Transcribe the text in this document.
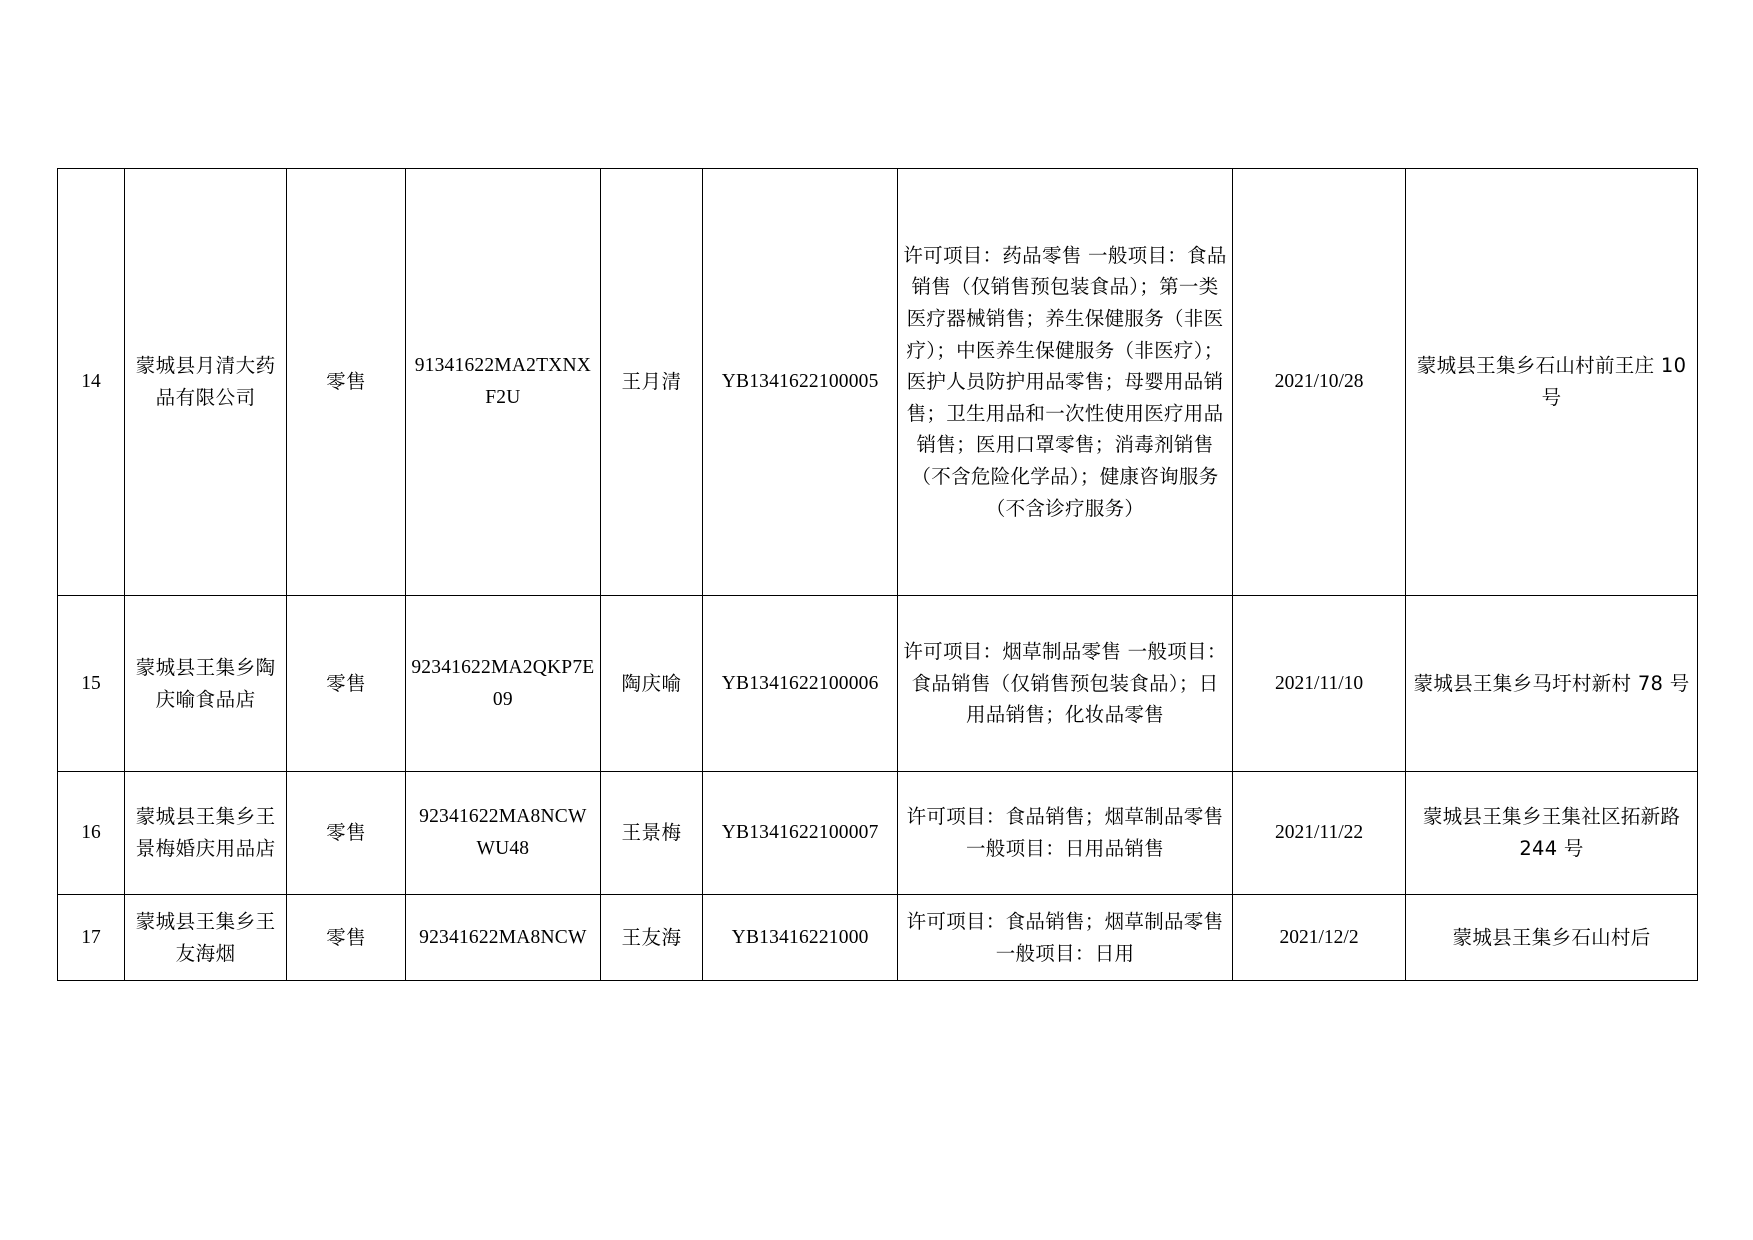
14	蒙城县月清大药品有限公司	零售	91341622MA2TXNXF2U	王月清	YB1341622100005	许可项目：药品零售 一般项目：食品销售（仅销售预包装食品）；第一类医疗器械销售；养生保健服务（非医疗）；中医养生保健服务（非医疗）；医护人员防护用品零售；母婴用品销售；卫生用品和一次性使用医疗用品销售；医用口罩零售；消毒剂销售（不含危险化学品）；健康咨询服务（不含诊疗服务）	2021/10/28	蒙城县王集乡石山村前王庄 10 号
15	蒙城县王集乡陶庆喻食品店	零售	92341622MA2QKP7E09	陶庆喻	YB1341622100006	许可项目：烟草制品零售 一般项目：食品销售（仅销售预包装食品）；日用品销售；化妆品零售	2021/11/10	蒙城县王集乡马圩村新村 78 号
16	蒙城县王集乡王景梅婚庆用品店	零售	92341622MA8NCWWU48	王景梅	YB1341622100007	许可项目：食品销售；烟草制品零售 一般项目：日用品销售	2021/11/22	蒙城县王集乡王集社区拓新路 244 号
17	蒙城县王集乡王友海烟	零售	92341622MA8NCW	王友海	YB13416221000	许可项目：食品销售；烟草制品零售 一般项目：日用	2021/12/2	蒙城县王集乡石山村后
